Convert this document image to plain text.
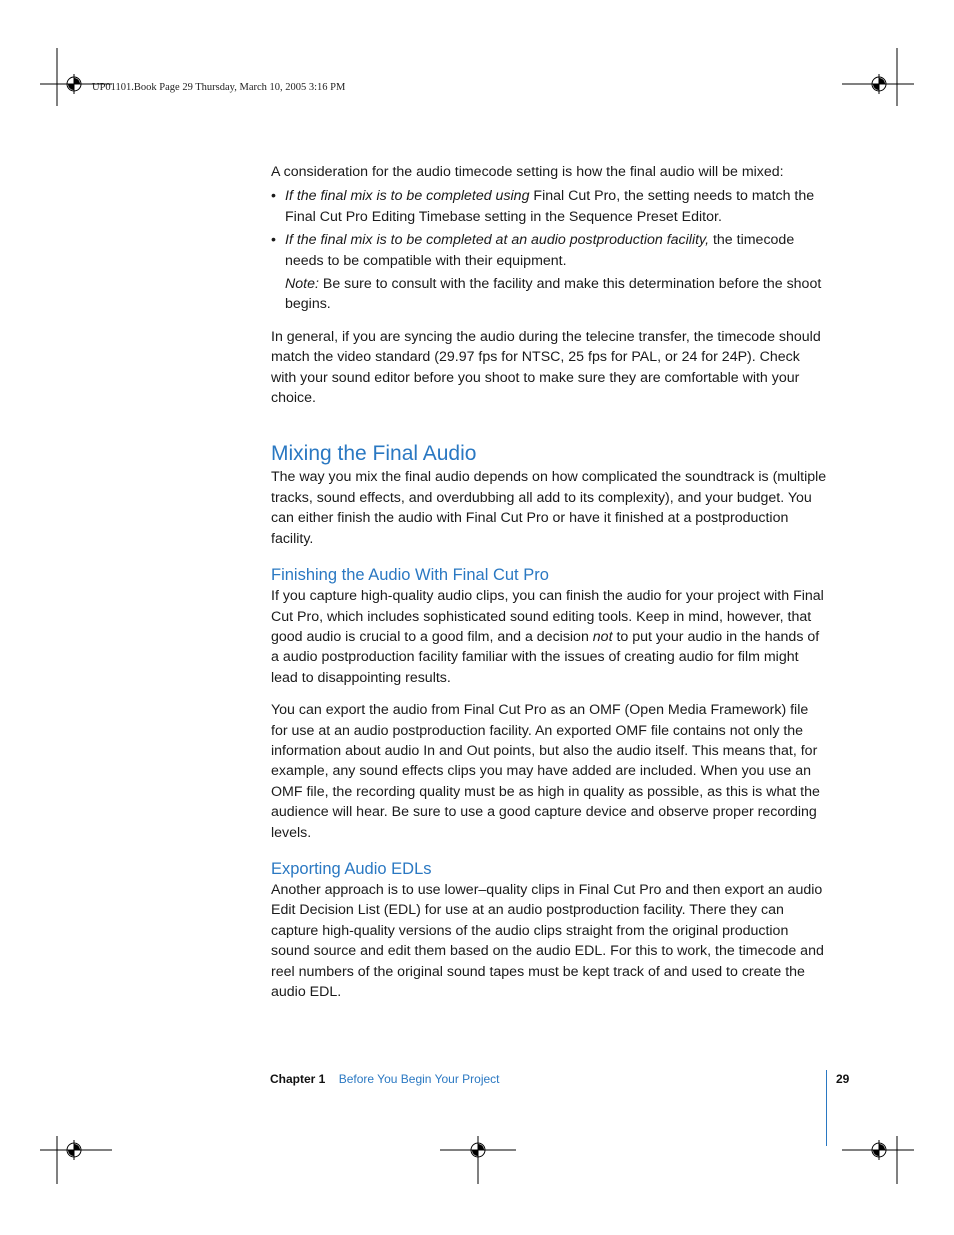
UP01101.Book Page 29 Thursday, March 10, 2005 3:16 PM

A consideration for the audio timecode setting is how the final audio will be mixed:

• If the final mix is to be completed using Final Cut Pro, the setting needs to match the Final Cut Pro Editing Timebase setting in the Sequence Preset Editor.
• If the final mix is to be completed at an audio postproduction facility, the timecode needs to be compatible with their equipment.

Note: Be sure to consult with the facility and make this determination before the shoot begins.

In general, if you are syncing the audio during the telecine transfer, the timecode should match the video standard (29.97 fps for NTSC, 25 fps for PAL, or 24 for 24P). Check with your sound editor before you shoot to make sure they are comfortable with your choice.

Mixing the Final Audio

The way you mix the final audio depends on how complicated the soundtrack is (multiple tracks, sound effects, and overdubbing all add to its complexity), and your budget. You can either finish the audio with Final Cut Pro or have it finished at a postproduction facility.

Finishing the Audio With Final Cut Pro

If you capture high-quality audio clips, you can finish the audio for your project with Final Cut Pro, which includes sophisticated sound editing tools. Keep in mind, however, that good audio is crucial to a good film, and a decision not to put your audio in the hands of a audio postproduction facility familiar with the issues of creating audio for film might lead to disappointing results.

You can export the audio from Final Cut Pro as an OMF (Open Media Framework) file for use at an audio postproduction facility. An exported OMF file contains not only the information about audio In and Out points, but also the audio itself. This means that, for example, any sound effects clips you may have added are included. When you use an OMF file, the recording quality must be as high in quality as possible, as this is what the audience will hear. Be sure to use a good capture device and observe proper recording levels.

Exporting Audio EDLs

Another approach is to use lower–quality clips in Final Cut Pro and then export an audio Edit Decision List (EDL) for use at an audio postproduction facility. There they can capture high-quality versions of the audio clips straight from the original production sound source and edit them based on the audio EDL. For this to work, the timecode and reel numbers of the original sound tapes must be kept track of and used to create the audio EDL.

Chapter 1 Before You Begin Your Project	29
